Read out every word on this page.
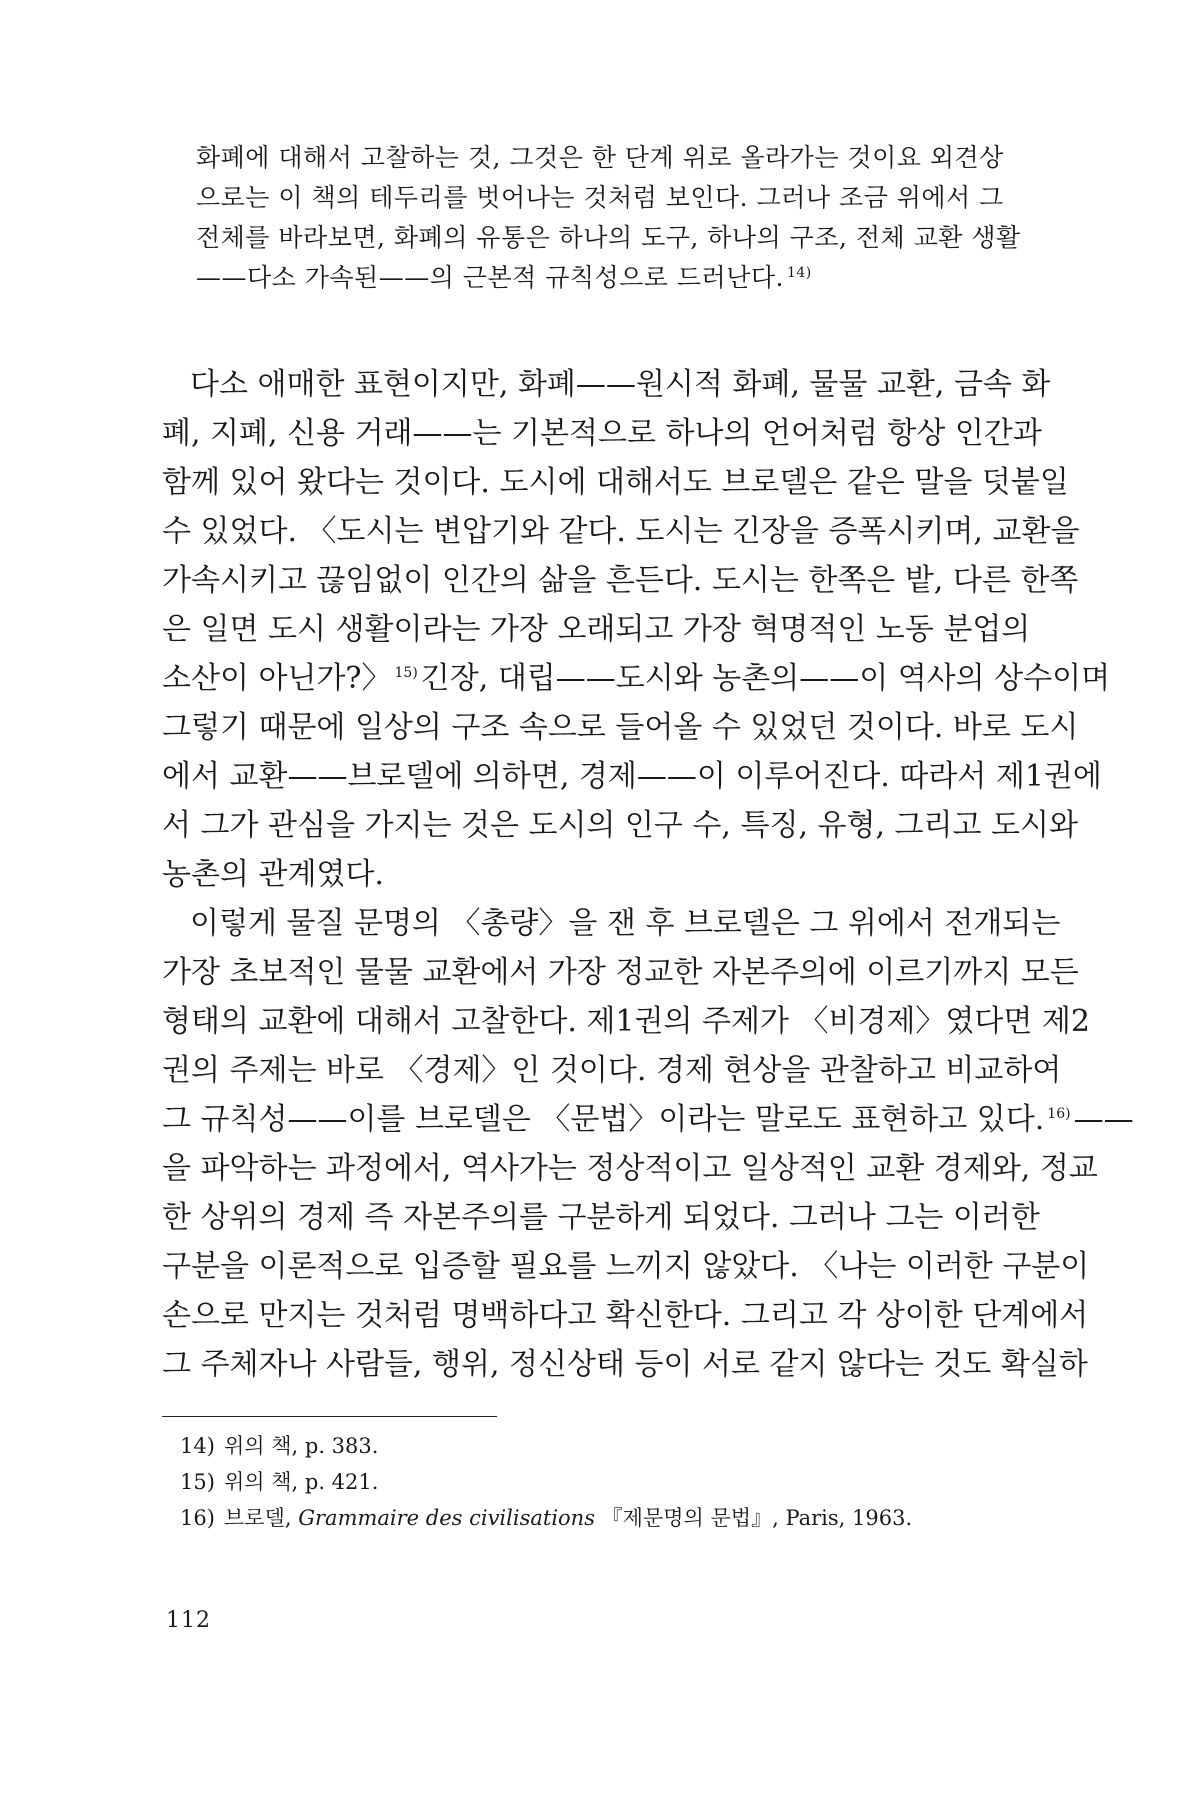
화폐에 대해서 고찰하는 것, 그것은 한 단계 위로 올라가는 것이요 외견상
으로는 이 책의 테두리를 벗어나는 것처럼 보인다. 그러나 조금 위에서 그
전체를 바라보면, 화폐의 유통은 하나의 도구, 하나의 구조, 전체 교환 생활
——다소 가속된——의 근본적 규칙성으로 드러난다. $^{14)}$
다소 애매한 표현이지만, 화폐——원시적 화폐, 물물 교환, 금속 화
폐, 지폐, 신용 거래——는 기본적으로 하나의 언어처럼 항상 인간과
함께 있어 왔다는 것이다. 도시에 대해서도 브로델은 같은 말을 덧붙일
수 있었다. 〈도시는 변압기와 같다. 도시는 긴장을 증폭시키며, 교환을
가속시키고 끊임없이 인간의 삶을 흔든다. 도시는 한쪽은 밭, 다른 한쪽
은 일면 도시 생활이라는 가장 오래되고 가장 혁명적인 노동 분업의
소산이 아닌가?〉 $^{15)}$ 긴장, 대립——도시와 농촌의——이 역사의 상수이며
그렇기 때문에 일상의 구조 속으로 들어올 수 있었던 것이다. 바로 도시
에서 교환——브로델에 의하면, 경제——이 이루어진다. 따라서 제1권에
서 그가 관심을 가지는 것은 도시의 인구 수, 특징, 유형, 그리고 도시와
농촌의 관계였다.
이렇게 물질 문명의 〈총량〉을 잰 후 브로델은 그 위에서 전개되는
가장 초보적인 물물 교환에서 가장 정교한 자본주의에 이르기까지 모든
형태의 교환에 대해서 고찰한다. 제1권의 주제가 〈비경제〉였다면 제2
권의 주제는 바로 〈경제〉인 것이다. 경제 현상을 관찰하고 비교하여
그 규칙성——이를 브로델은 〈문법〉이라는 말로도 표현하고 있다. $^{16)}$ ——
을 파악하는 과정에서, 역사가는 정상적이고 일상적인 교환 경제와, 정교
한 상위의 경제 즉 자본주의를 구분하게 되었다. 그러나 그는 이러한
구분을 이론적으로 입증할 필요를 느끼지 않았다. 〈나는 이러한 구분이
손으로 만지는 것처럼 명백하다고 확신한다. 그리고 각 상이한 단계에서
그 주체자나 사람들, 행위, 정신상태 등이 서로 같지 않다는 것도 확실하
14) 위의 책, p. 383.
15) 위의 책, p. 421.
16) 브로델, Grammaire des civilisations 『제문명의 문법』, Paris, 1963.
112
